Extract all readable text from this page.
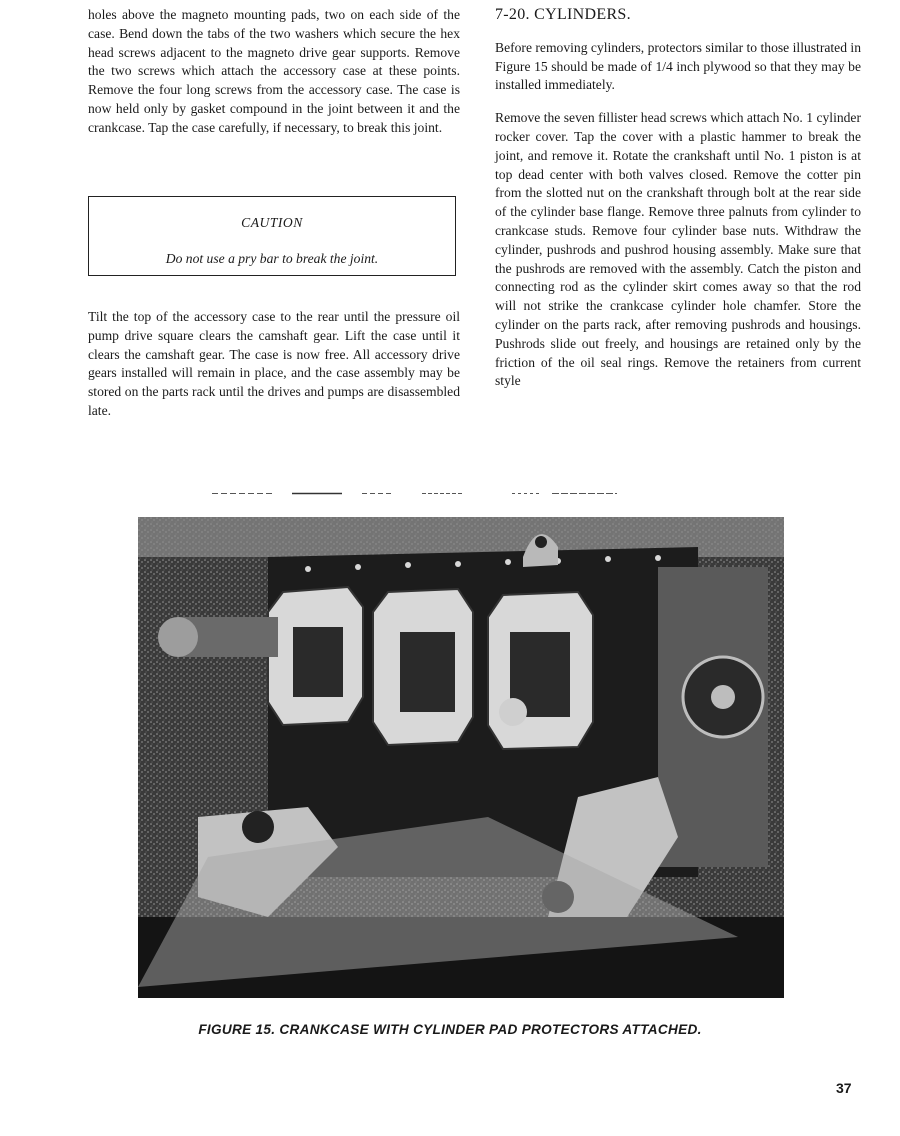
holes above the magneto mounting pads, two on each side of the case. Bend down the tabs of the two washers which secure the hex head screws adjacent to the magneto drive gear supports. Remove the two screws which attach the accessory case at these points. Remove the four long screws from the accessory case. The case is now held only by gasket compound in the joint between it and the crankcase. Tap the case carefully, if necessary, to break this joint.

CAUTION
Do not use a pry bar to break the joint.
Tilt the top of the accessory case to the rear until the pressure oil pump drive square clears the camshaft gear. Lift the case until it clears the camshaft gear. The case is now free. All accessory drive gears installed will remain in place, and the case assembly may be stored on the parts rack until the drives and pumps are disassembled late.
7-20. CYLINDERS.

Before removing cylinders, protectors similar to those illustrated in Figure 15 should be made of 1/4 inch plywood so that they may be installed immediately.

Remove the seven fillister head screws which attach No. 1 cylinder rocker cover. Tap the cover with a plastic hammer to break the joint, and remove it. Rotate the crankshaft until No. 1 piston is at top dead center with both valves closed. Remove the cotter pin from the slotted nut on the crankshaft through bolt at the rear side of the cylinder base flange. Remove three palnuts from cylinder to crankcase studs. Remove four cylinder base nuts. Withdraw the cylinder, pushrods and pushrod housing assembly. Make sure that the pushrods are removed with the assembly. Catch the piston and connecting rod as the cylinder skirt comes away so that the rod will not strike the crankcase cylinder hole chamfer. Store the cylinder on the parts rack, after removing pushrods and housings. Pushrods slide out freely, and housings are retained only by the friction of the oil seal rings. Remove the retainers from current style

FIGURE 15. CRANKCASE WITH CYLINDER PAD PROTECTORS ATTACHED.
37
